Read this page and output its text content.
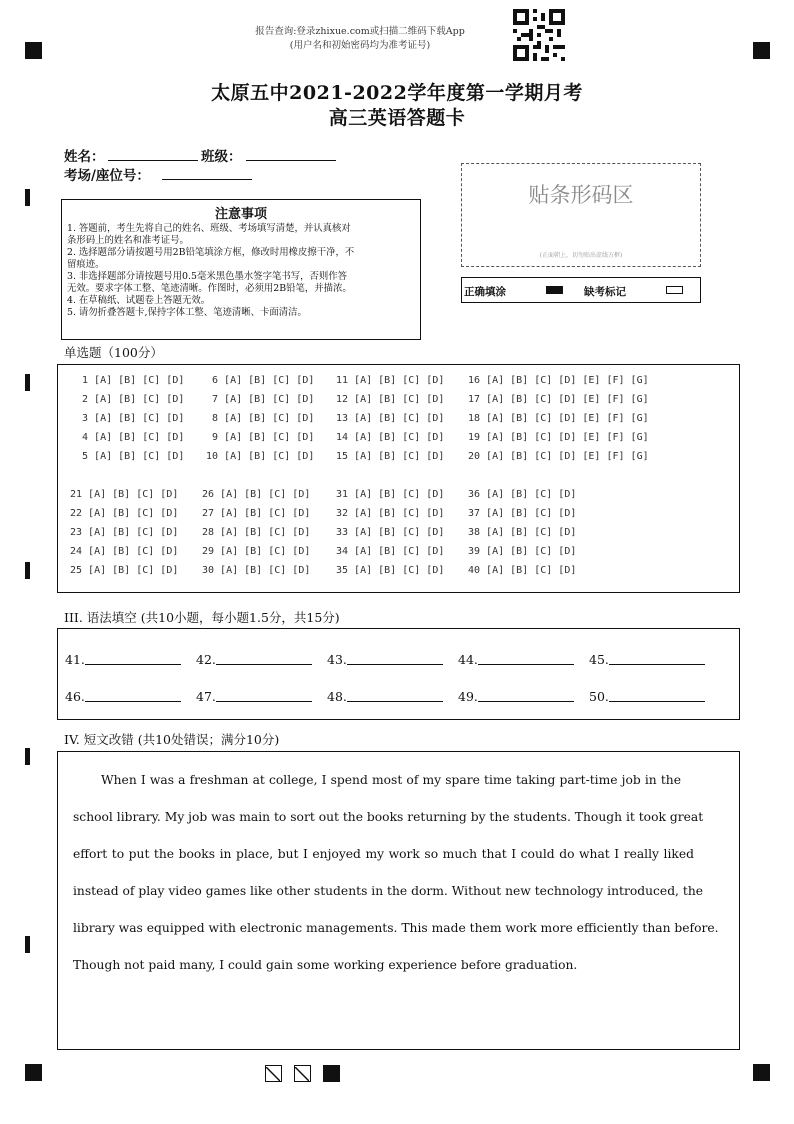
报告查询:登录zhixue.com或扫描二维码下载App
(用户名和初始密码均为准考证号)
太原五中2021-2022学年度第一学期月考
高三英语答题卡
姓名：	班级：
考场/座位号：
注意事项
1. 答题前，考生先将自己的姓名、班级、考场填写清楚，并认真核对
条形码上的姓名和准考证号。
2. 选择题部分请按题号用2B铅笔填涂方框，修改时用橡皮擦干净，不
留痕迹。
3. 非选择题部分请按题号用0.5毫米黑色墨水签字笔书写，否则作答
无效。要求字体工整、笔迹清晰。作图时，必须用2B铅笔，并描浓。
4. 在草稿纸、试题卷上答题无效。
5. 请勿折叠答题卡,保持字体工整、笔迹清晰、卡面清洁。
贴条形码区
(正面朝上，切勿贴出虚线方框)
正确填涂	缺考标记
单选题（100分）
1 [A] [B] [C] [D] 6 [A] [B] [C] [D] 11 [A] [B] [C] [D] 16 [A] [B] [C] [D] [E] [F] [G]
2 [A] [B] [C] [D] 7 [A] [B] [C] [D] 12 [A] [B] [C] [D] 17 [A] [B] [C] [D] [E] [F] [G]
3 [A] [B] [C] [D] 8 [A] [B] [C] [D] 13 [A] [B] [C] [D] 18 [A] [B] [C] [D] [E] [F] [G]
4 [A] [B] [C] [D] 9 [A] [B] [C] [D] 14 [A] [B] [C] [D] 19 [A] [B] [C] [D] [E] [F] [G]
5 [A] [B] [C] [D] 10 [A] [B] [C] [D] 15 [A] [B] [C] [D] 20 [A] [B] [C] [D] [E] [F] [G]
21 [A] [B] [C] [D] 26 [A] [B] [C] [D]	31 [A] [B] [C] [D] 36 [A] [B] [C] [D]
22 [A] [B] [C] [D] 27 [A] [B] [C] [D]	32 [A] [B] [C] [D] 37 [A] [B] [C] [D]
23 [A] [B] [C] [D] 28 [A] [B] [C] [D]	33 [A] [B] [C] [D] 38 [A] [B] [C] [D]
24 [A] [B] [C] [D] 29 [A] [B] [C] [D]	34 [A] [B] [C] [D] 39 [A] [B] [C] [D]
25 [A] [B] [C] [D] 30 [A] [B] [C] [D]	35 [A] [B] [C] [D] 40 [A] [B] [C] [D]
III. 语法填空 (共10小题，每小题1.5分，共15分)
41.	42.	43.	44.	45.
46.	47.	48.	49.	50.
IV. 短文改错 (共10处错误；满分10分)
When I was a freshman at college, I spend most of my spare time taking part-time job in the
school library. My job was main to sort out the books returning by the students. Though it took great
effort to put the books in place, but I enjoyed my work so much that I could do what I really liked
instead of play video games like other students in the dorm. Without new technology introduced, the
library was equipped with electronic managements. This made them work more efficiently than before.
Though not paid many, I could gain some working experience before graduation.
